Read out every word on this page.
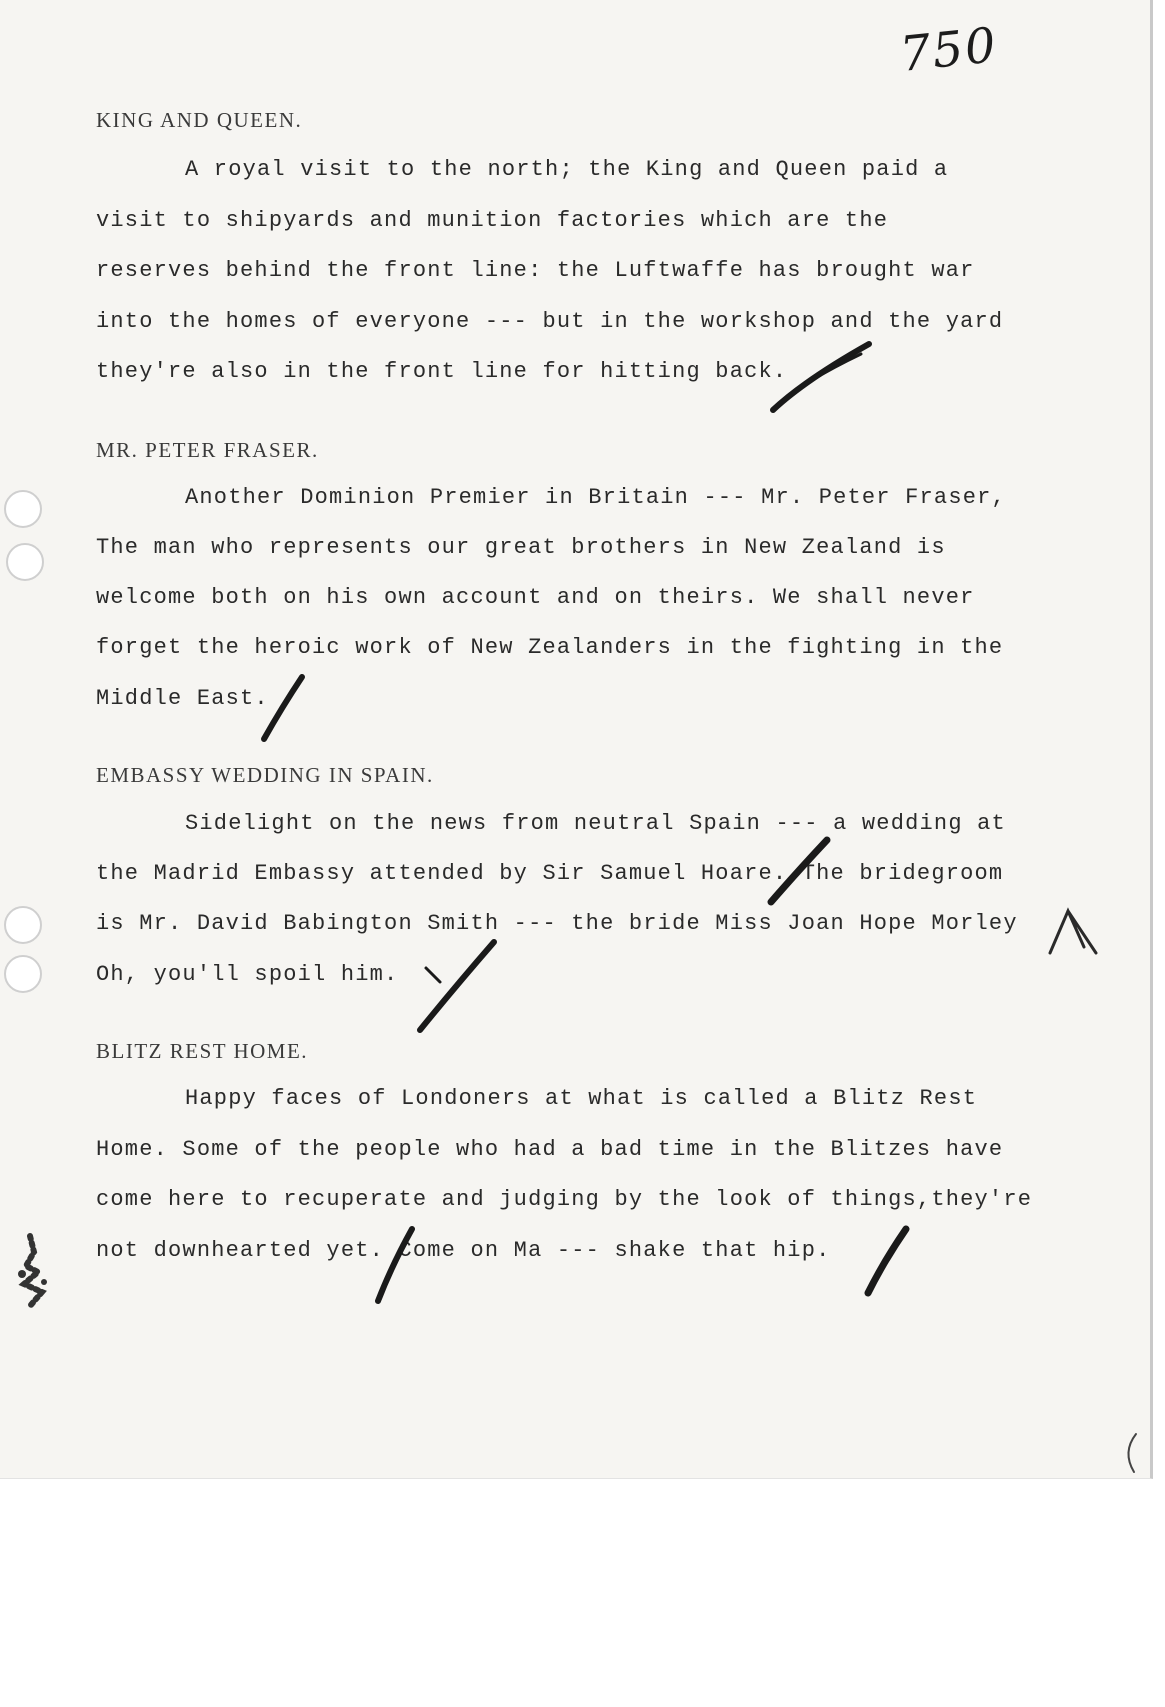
750
KING AND QUEEN.
A royal visit to the north; the King and Queen paid a
visit to shipyards and munition factories which are the
reserves behind the front line: the Luftwaffe has brought war
into the homes of everyone --- but in the workshop and the yard
they're also in the front line for hitting back.
MR. PETER FRASER.
Another Dominion Premier in Britain --- Mr. Peter Fraser,
The man who represents our great brothers in New Zealand is
welcome both on his own account and on theirs. We shall never
forget the heroic work of New Zealanders in the fighting in the
Middle East.
EMBASSY WEDDING IN SPAIN.
Sidelight on the news from neutral Spain --- a wedding at
the Madrid Embassy attended by Sir Samuel Hoare. The bridegroom
is Mr. David Babington Smith --- the bride Miss Joan Hope Morley
Oh, you'll spoil him.
BLITZ REST HOME.
Happy faces of Londoners at what is called a Blitz Rest
Home. Some of the people who had a bad time in the Blitzes have
come here to recuperate and judging by the look of things,they're
not downhearted yet. Come on Ma --- shake that hip.
